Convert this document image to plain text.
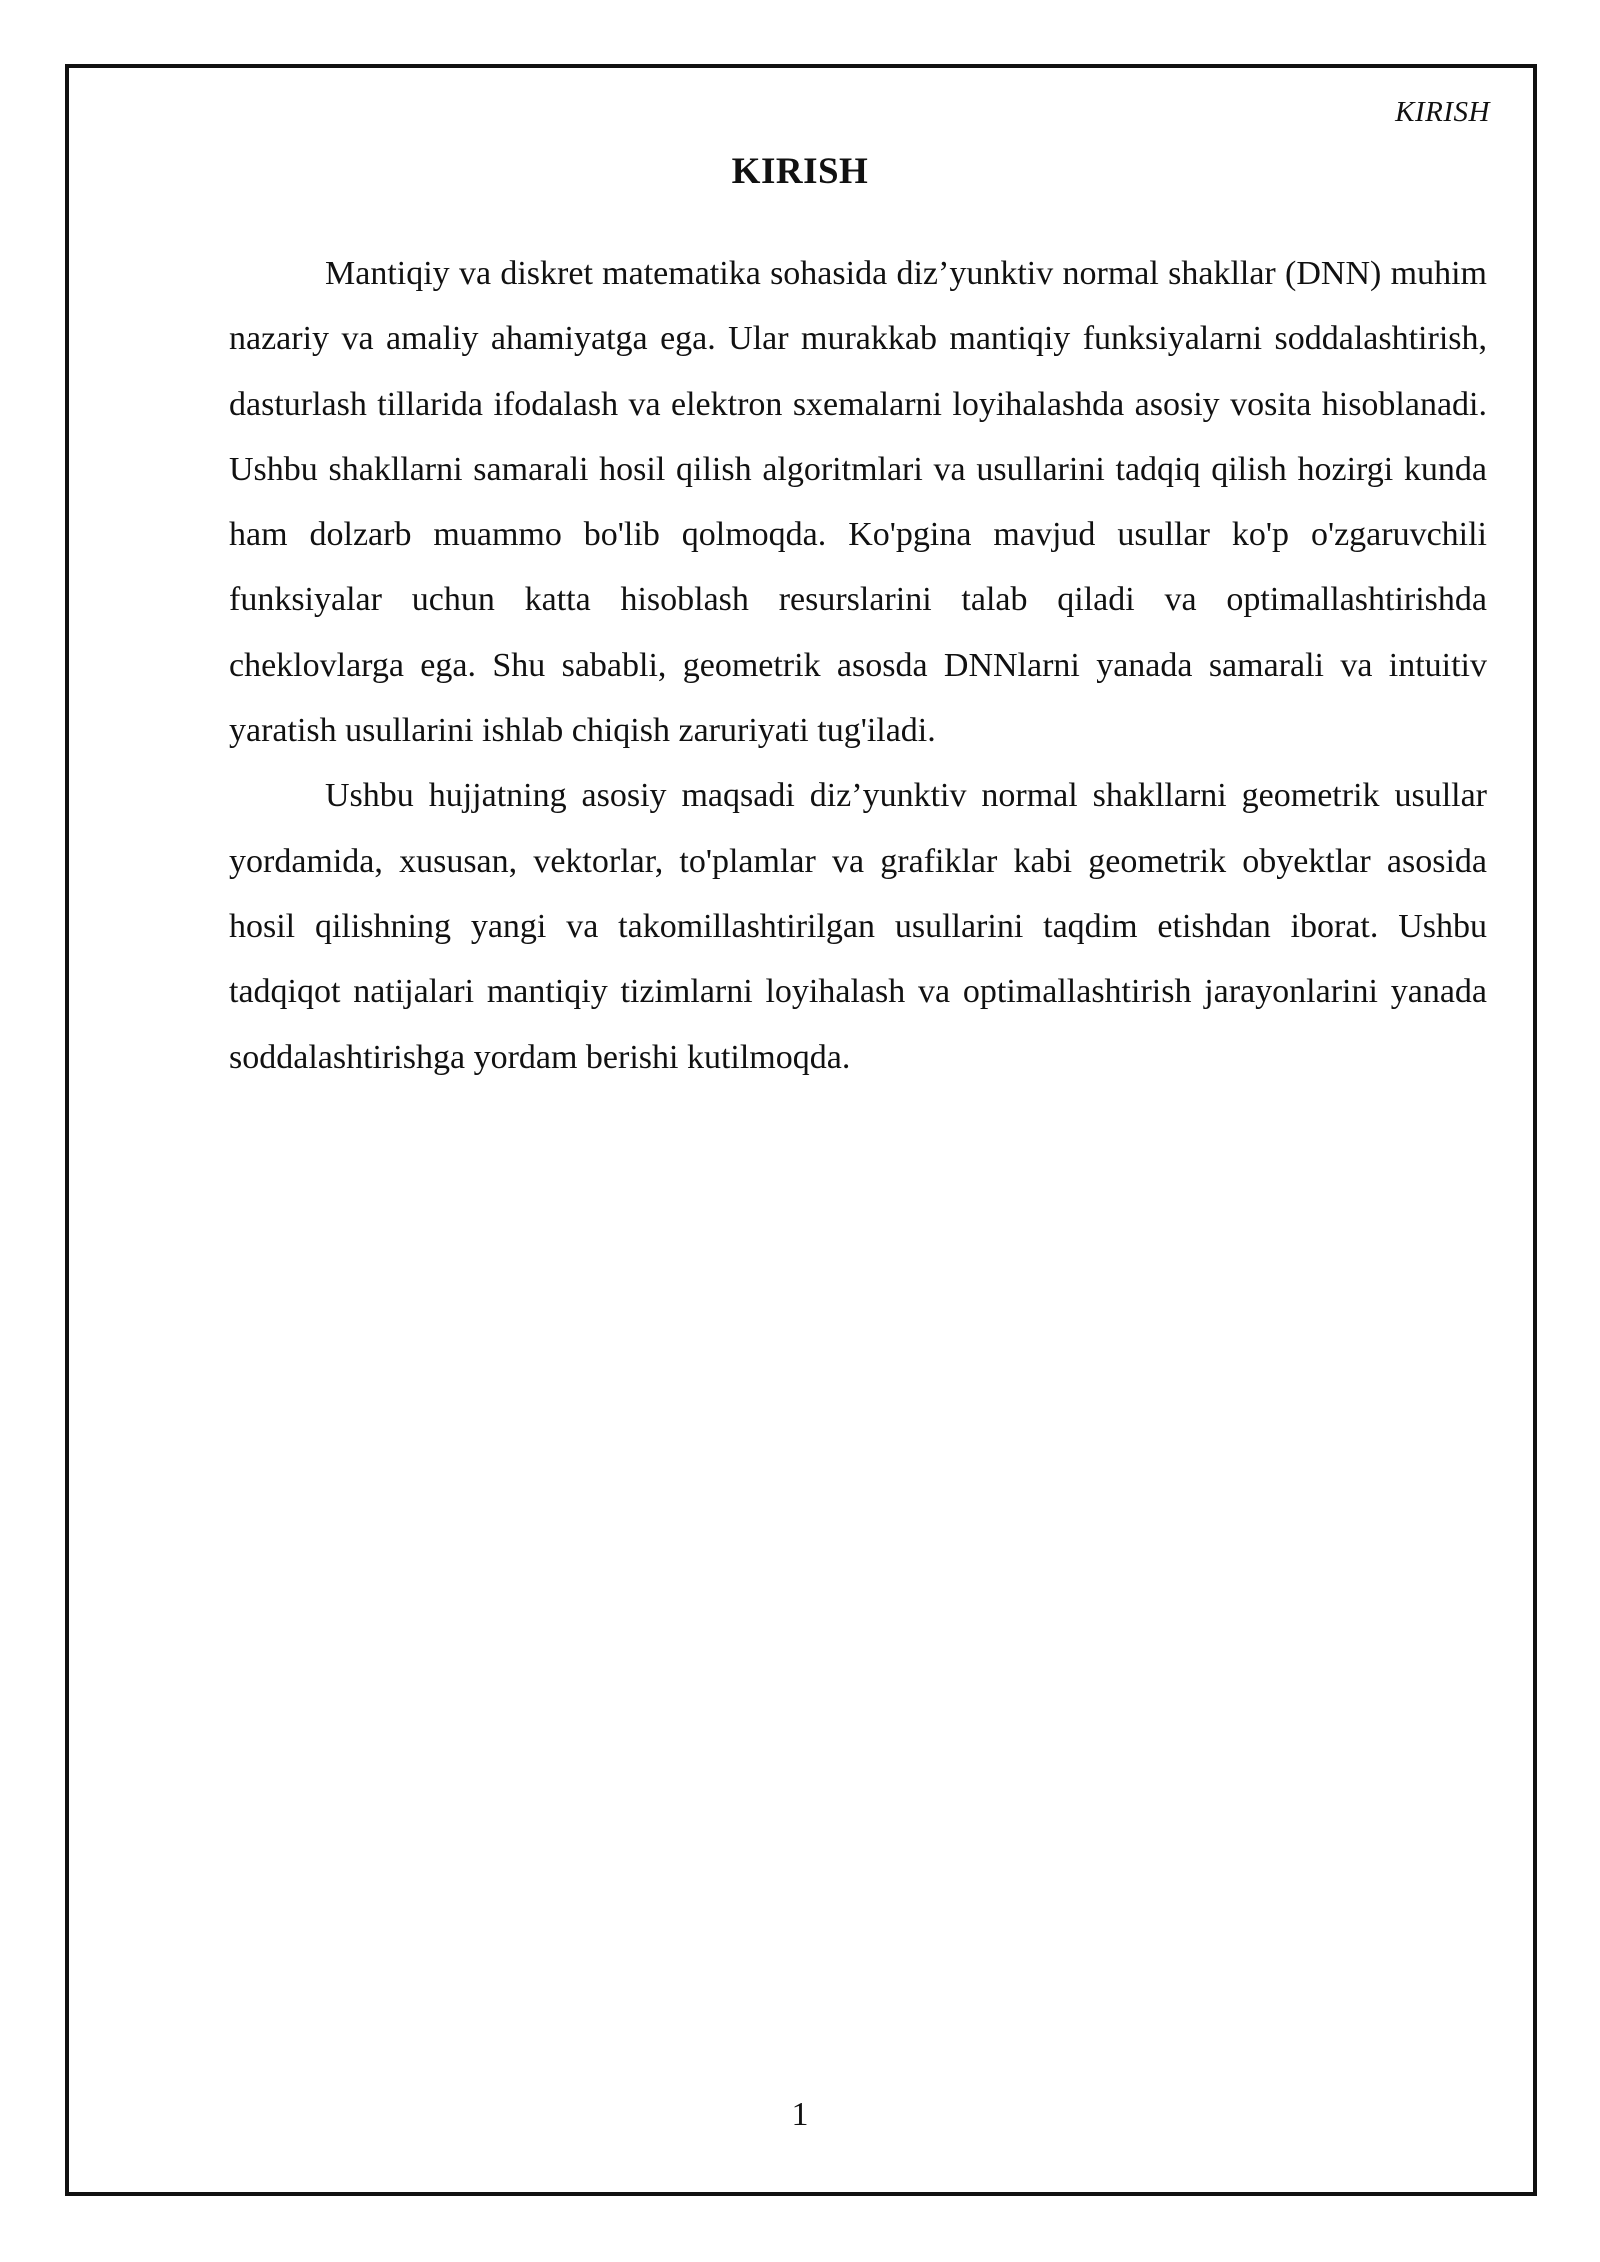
KIRISH
KIRISH

Mantiqiy va diskret matematika sohasida diz’yunktiv normal shakllar (DNN) muhim nazariy va amaliy ahamiyatga ega. Ular murakkab mantiqiy funksiyalarni soddalashtirish, dasturlash tillarida ifodalash va elektron sxemalarni loyihalashda asosiy vosita hisoblanadi. Ushbu shakllarni samarali hosil qilish algoritmlari va usullarini tadqiq qilish hozirgi kunda ham dolzarb muammo bo'lib qolmoqda. Ko'pgina mavjud usullar ko'p o'zgaruvchili funksiyalar uchun katta hisoblash resurslarini talab qiladi va optimallashtirishda cheklovlarga ega. Shu sababli, geometrik asosda DNNlarni yanada samarali va intuitiv yaratish usullarini ishlab chiqish zaruriyati tug'iladi.

Ushbu hujjatning asosiy maqsadi diz’yunktiv normal shakllarni geometrik usullar yordamida, xususan, vektorlar, to'plamlar va grafiklar kabi geometrik obyektlar asosida hosil qilishning yangi va takomillashtirilgan usullarini taqdim etishdan iborat. Ushbu tadqiqot natijalari mantiqiy tizimlarni loyihalash va optimallashtirish jarayonlarini yanada soddalashtirishga yordam berishi kutilmoqda.

1
